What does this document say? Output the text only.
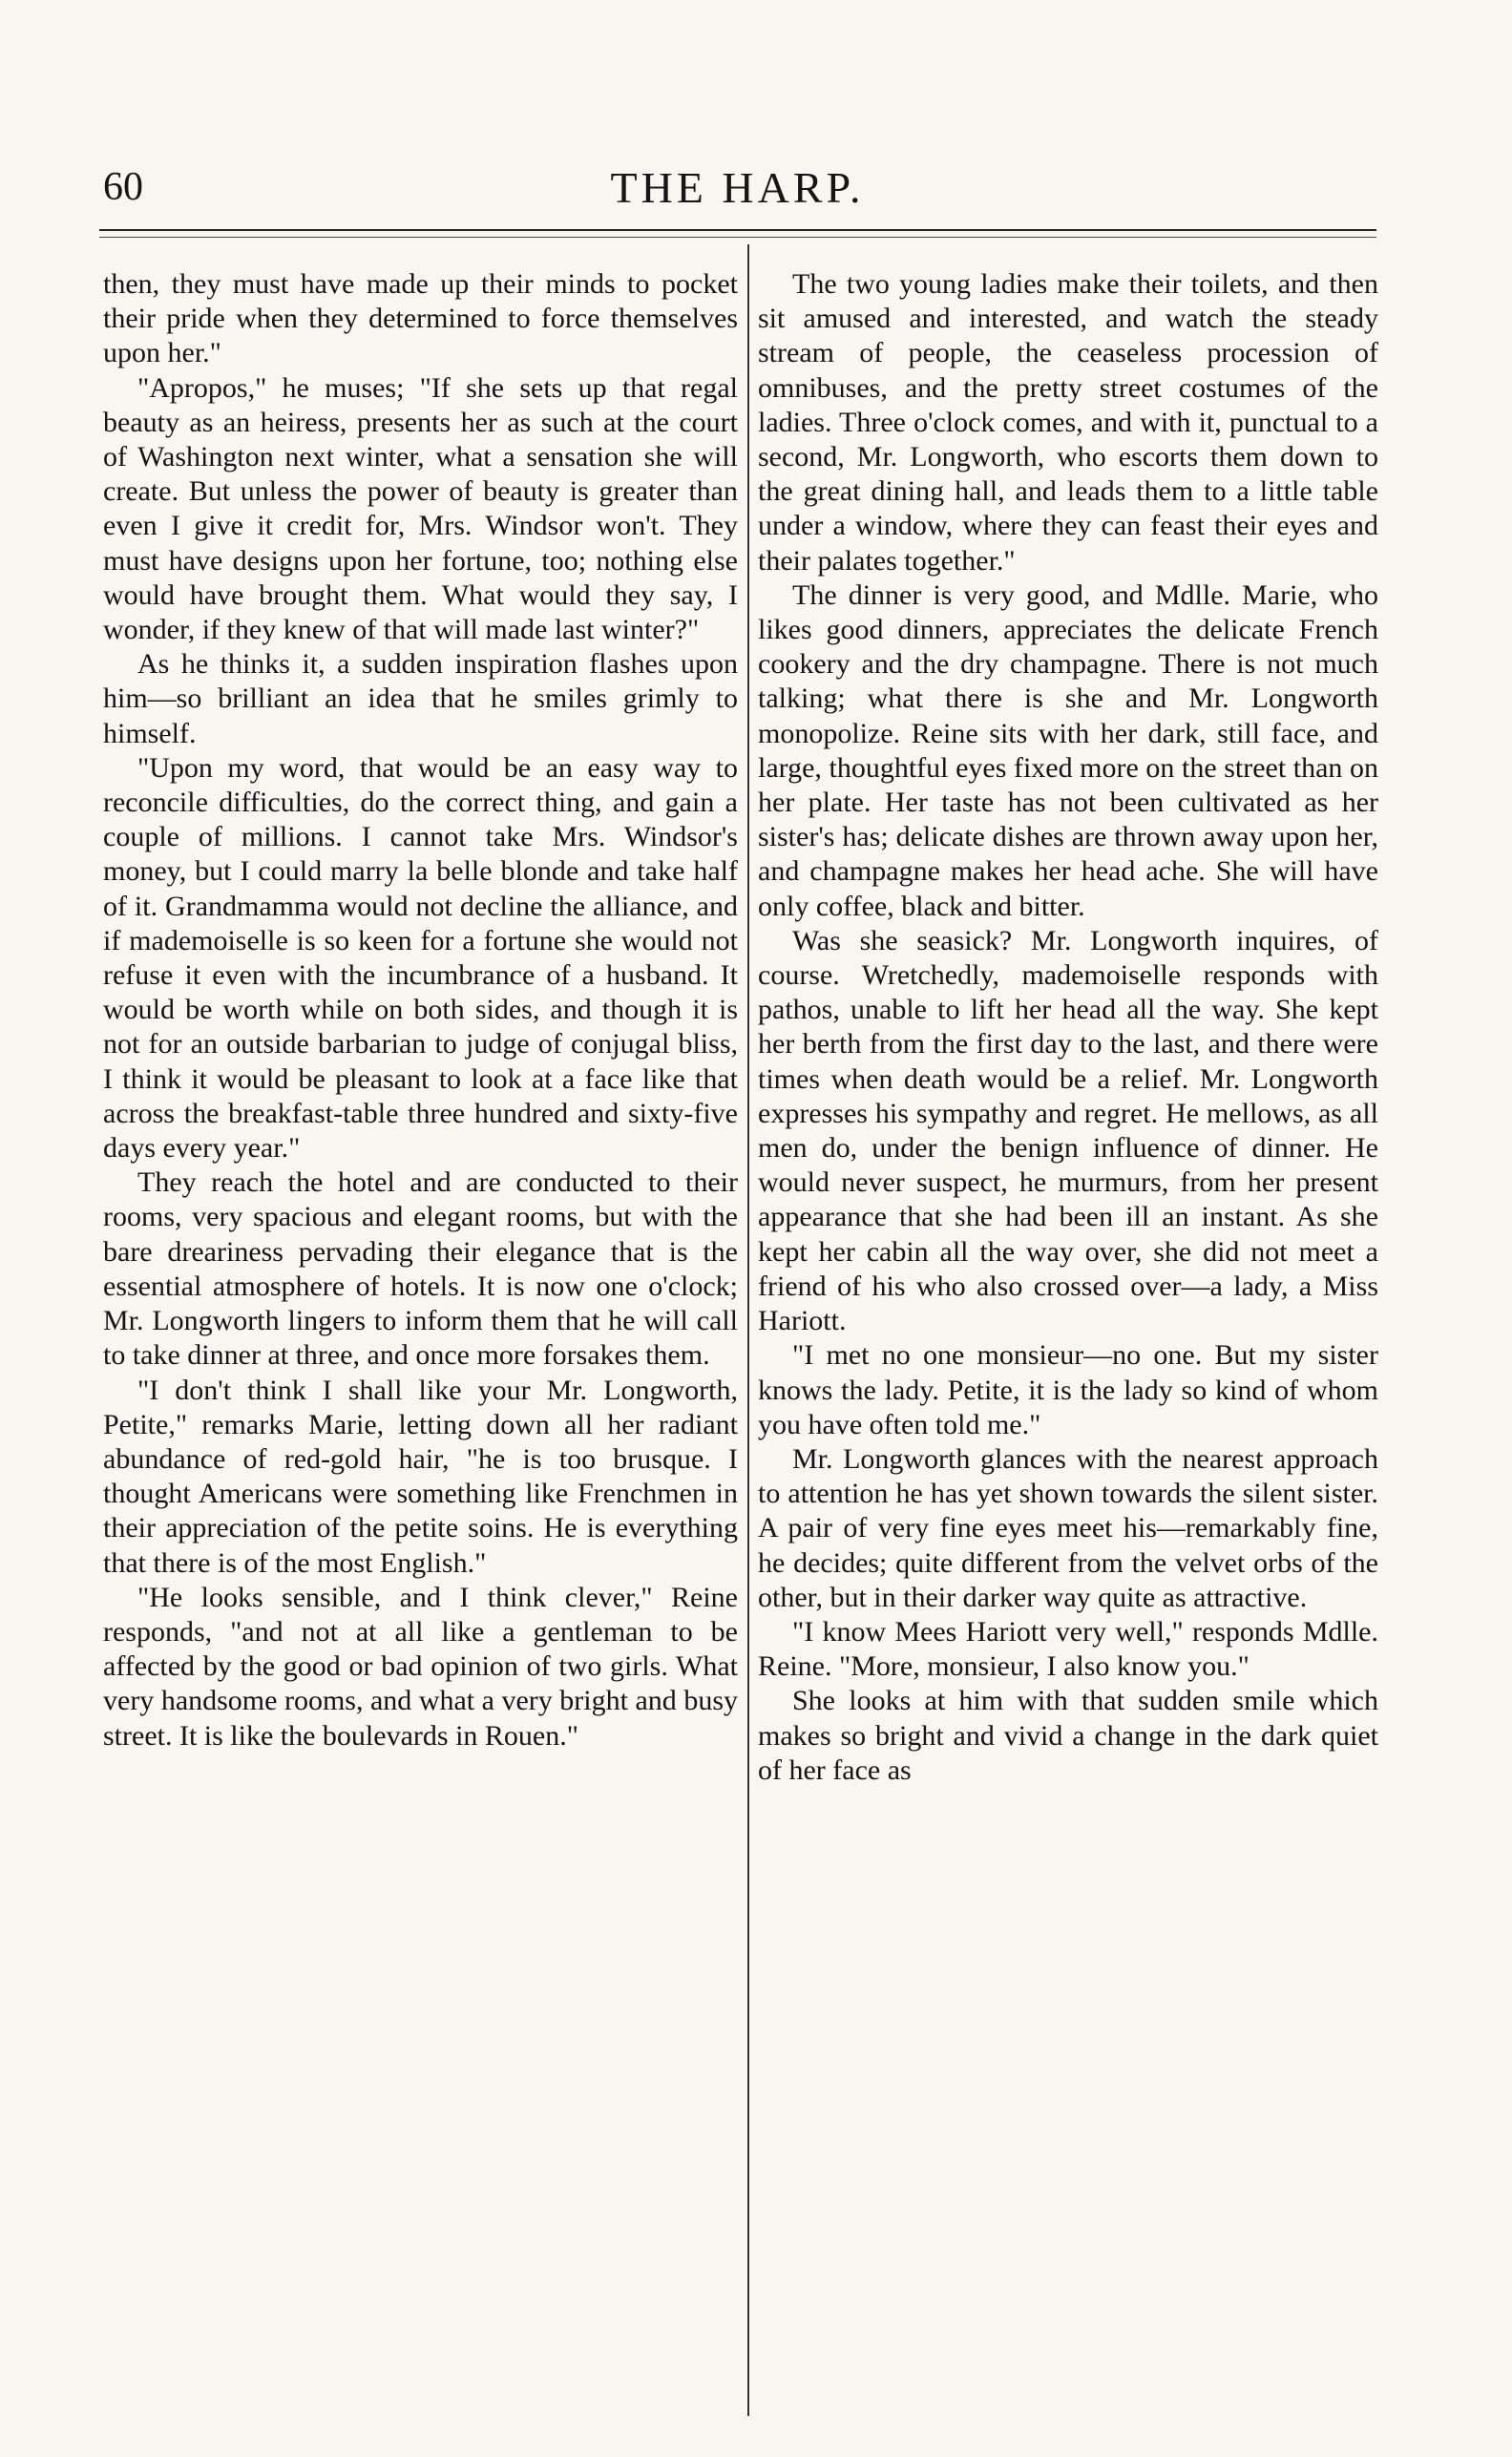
60	THE HARP.

then, they must have made up their minds to pocket their pride when they determined to force themselves upon her."

"Apropos," he muses; "If she sets up that regal beauty as an heiress, presents her as such at the court of Washington next winter, what a sensation she will create. But unless the power of beauty is greater than even I give it credit for, Mrs. Windsor won't. They must have designs upon her fortune, too; nothing else would have brought them. What would they say, I wonder, if they knew of that will made last winter?"

As he thinks it, a sudden inspiration flashes upon him—so brilliant an idea that he smiles grimly to himself.

"Upon my word, that would be an easy way to reconcile difficulties, do the correct thing, and gain a couple of millions. I cannot take Mrs. Windsor's money, but I could marry la belle blonde and take half of it. Grandmamma would not decline the alliance, and if mademoiselle is so keen for a fortune she would not refuse it even with the incumbrance of a husband. It would be worth while on both sides, and though it is not for an outside barbarian to judge of conjugal bliss, I think it would be pleasant to look at a face like that across the breakfast-table three hundred and sixty-five days every year."

They reach the hotel and are conducted to their rooms, very spacious and elegant rooms, but with the bare dreariness pervading their elegance that is the essential atmosphere of hotels. It is now one o'clock; Mr. Longworth lingers to inform them that he will call to take dinner at three, and once more forsakes them.

"I don't think I shall like your Mr. Longworth, Petite," remarks Marie, letting down all her radiant abundance of red-gold hair, "he is too brusque. I thought Americans were something like Frenchmen in their appreciation of the petite soins. He is everything that there is of the most English."

"He looks sensible, and I think clever," Reine responds, "and not at all like a gentleman to be affected by the good or bad opinion of two girls. What very handsome rooms, and what a very bright and busy street. It is like the boulevards in Rouen."

The two young ladies make their toilets, and then sit amused and interested, and watch the steady stream of people, the ceaseless procession of omnibuses, and the pretty street costumes of the ladies. Three o'clock comes, and with it, punctual to a second, Mr. Longworth, who escorts them down to the great dining hall, and leads them to a little table under a window, where they can feast their eyes and their palates together."

The dinner is very good, and Mdlle. Marie, who likes good dinners, appreciates the delicate French cookery and the dry champagne. There is not much talking; what there is she and Mr. Longworth monopolize. Reine sits with her dark, still face, and large, thoughtful eyes fixed more on the street than on her plate. Her taste has not been cultivated as her sister's has; delicate dishes are thrown away upon her, and champagne makes her head ache. She will have only coffee, black and bitter.

Was she seasick? Mr. Longworth inquires, of course. Wretchedly, mademoiselle responds with pathos, unable to lift her head all the way. She kept her berth from the first day to the last, and there were times when death would be a relief. Mr. Longworth expresses his sympathy and regret. He mellows, as all men do, under the benign influence of dinner. He would never suspect, he murmurs, from her present appearance that she had been ill an instant. As she kept her cabin all the way over, she did not meet a friend of his who also crossed over—a lady, a Miss Hariott.

"I met no one monsieur—no one. But my sister knows the lady. Petite, it is the lady so kind of whom you have often told me."

Mr. Longworth glances with the nearest approach to attention he has yet shown towards the silent sister. A pair of very fine eyes meet his—remarkably fine, he decides; quite different from the velvet orbs of the other, but in their darker way quite as attractive.

"I know Mees Hariott very well," responds Mdlle. Reine. "More, monsieur, I also know you."

She looks at him with that sudden smile which makes so bright and vivid a change in the dark quiet of her face as
